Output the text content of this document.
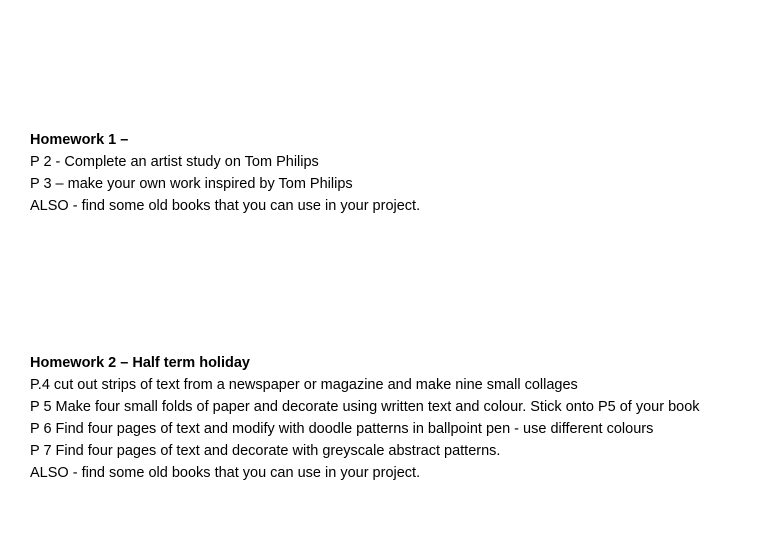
Homework 1 –
P 2 - Complete an artist study on Tom Philips
P 3 – make your own work inspired by Tom Philips
ALSO - find some old books that you can use in your project.
Homework 2 – Half term holiday
P.4 cut out strips of text from a newspaper or magazine and make nine small collages
P 5 Make four small folds of paper and decorate using written text and colour. Stick onto P5 of your book
P 6 Find four pages of text and modify with doodle patterns in ballpoint pen - use different colours
P 7 Find four pages of text and decorate with greyscale abstract patterns.
ALSO - find some old books that you can use in your project.
